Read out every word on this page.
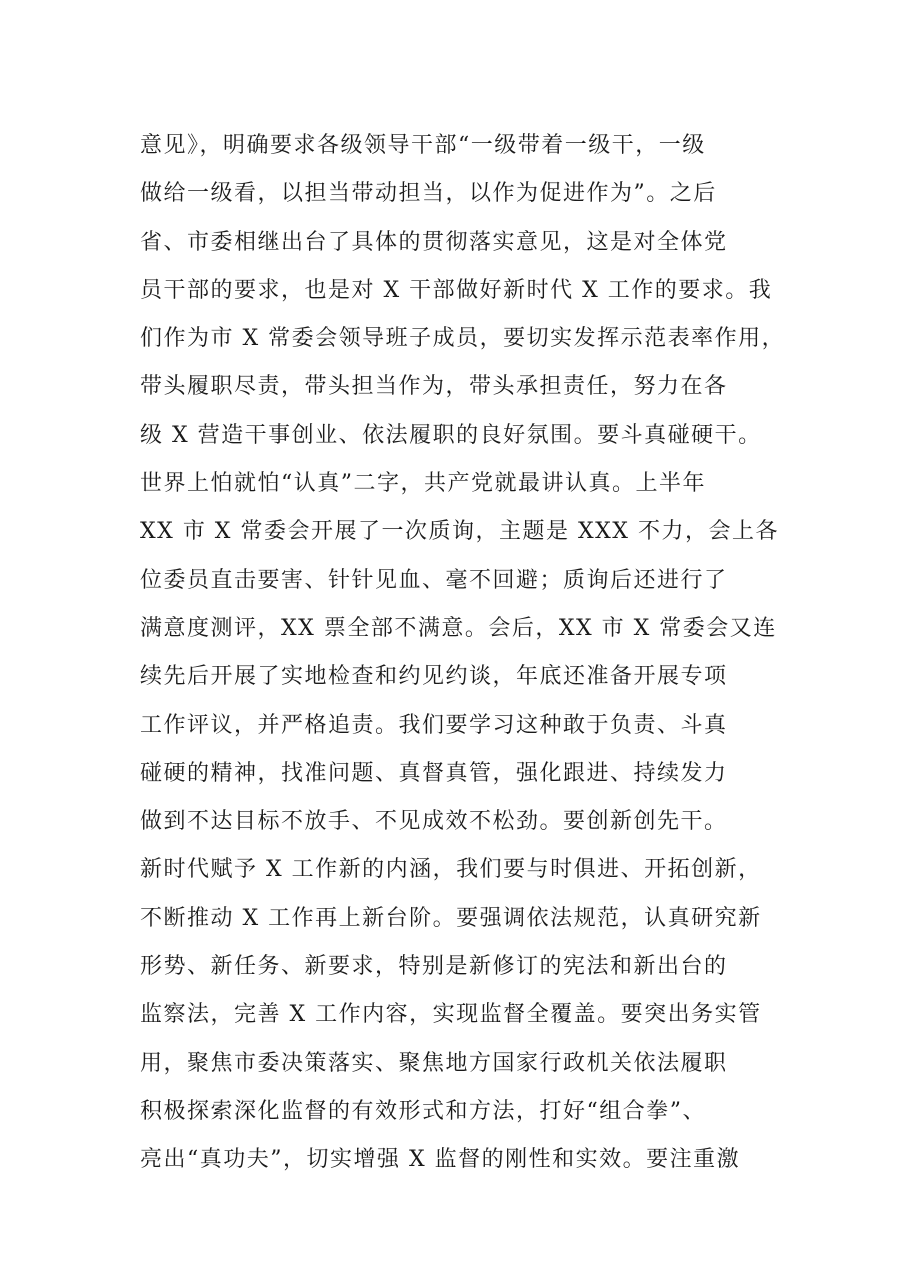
意见》，明确要求各级领导干部“一级带着一级干，一级
做给一级看，以担当带动担当，以作为促进作为”。之后
省、市委相继出台了具体的贯彻落实意见，这是对全体党
员干部的要求，也是对 X 干部做好新时代 X 工作的要求。我
们作为市 X 常委会领导班子成员，要切实发挥示范表率作用，
带头履职尽责，带头担当作为，带头承担责任，努力在各
级 X 营造干事创业、依法履职的良好氛围。要斗真碰硬干。
世界上怕就怕“认真”二字，共产党就最讲认真。上半年
XX 市 X 常委会开展了一次质询，主题是 XXX 不力，会上各
位委员直击要害、针针见血、毫不回避；质询后还进行了
满意度测评，XX 票全部不满意。会后，XX 市 X 常委会又连
续先后开展了实地检查和约见约谈，年底还准备开展专项
工作评议，并严格追责。我们要学习这种敢于负责、斗真
碰硬的精神，找准问题、真督真管，强化跟进、持续发力
做到不达目标不放手、不见成效不松劲。要创新创先干。
新时代赋予 X 工作新的内涵，我们要与时俱进、开拓创新，
不断推动 X 工作再上新台阶。要强调依法规范，认真研究新
形势、新任务、新要求，特别是新修订的宪法和新出台的
监察法，完善 X 工作内容，实现监督全覆盖。要突出务实管
用，聚焦市委决策落实、聚焦地方国家行政机关依法履职
积极探索深化监督的有效形式和方法，打好“组合拳”、
亮出“真功夫”，切实增强 X 监督的刚性和实效。要注重激
